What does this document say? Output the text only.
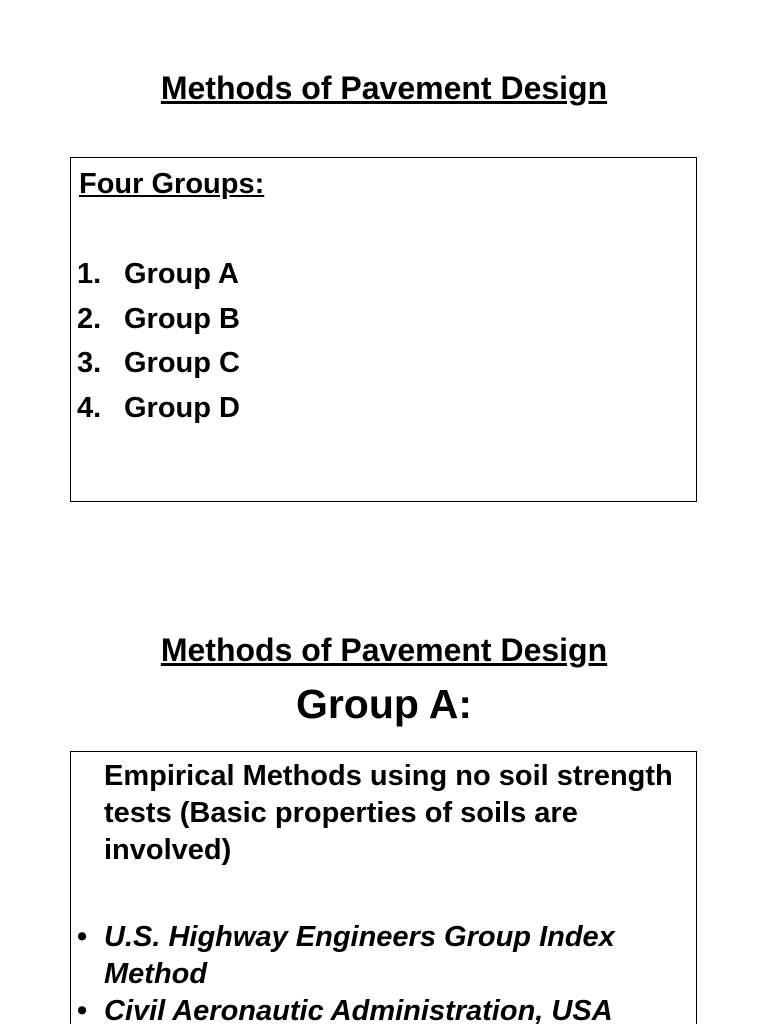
Methods of Pavement Design

Four Groups:

1. Group A
2. Group B
3. Group C
4. Group D
Methods of Pavement Design
Group A:

Empirical Methods using no soil strength tests (Basic properties of soils are involved)

• U.S. Highway Engineers Group Index Method
• Civil Aeronautic Administration, USA
